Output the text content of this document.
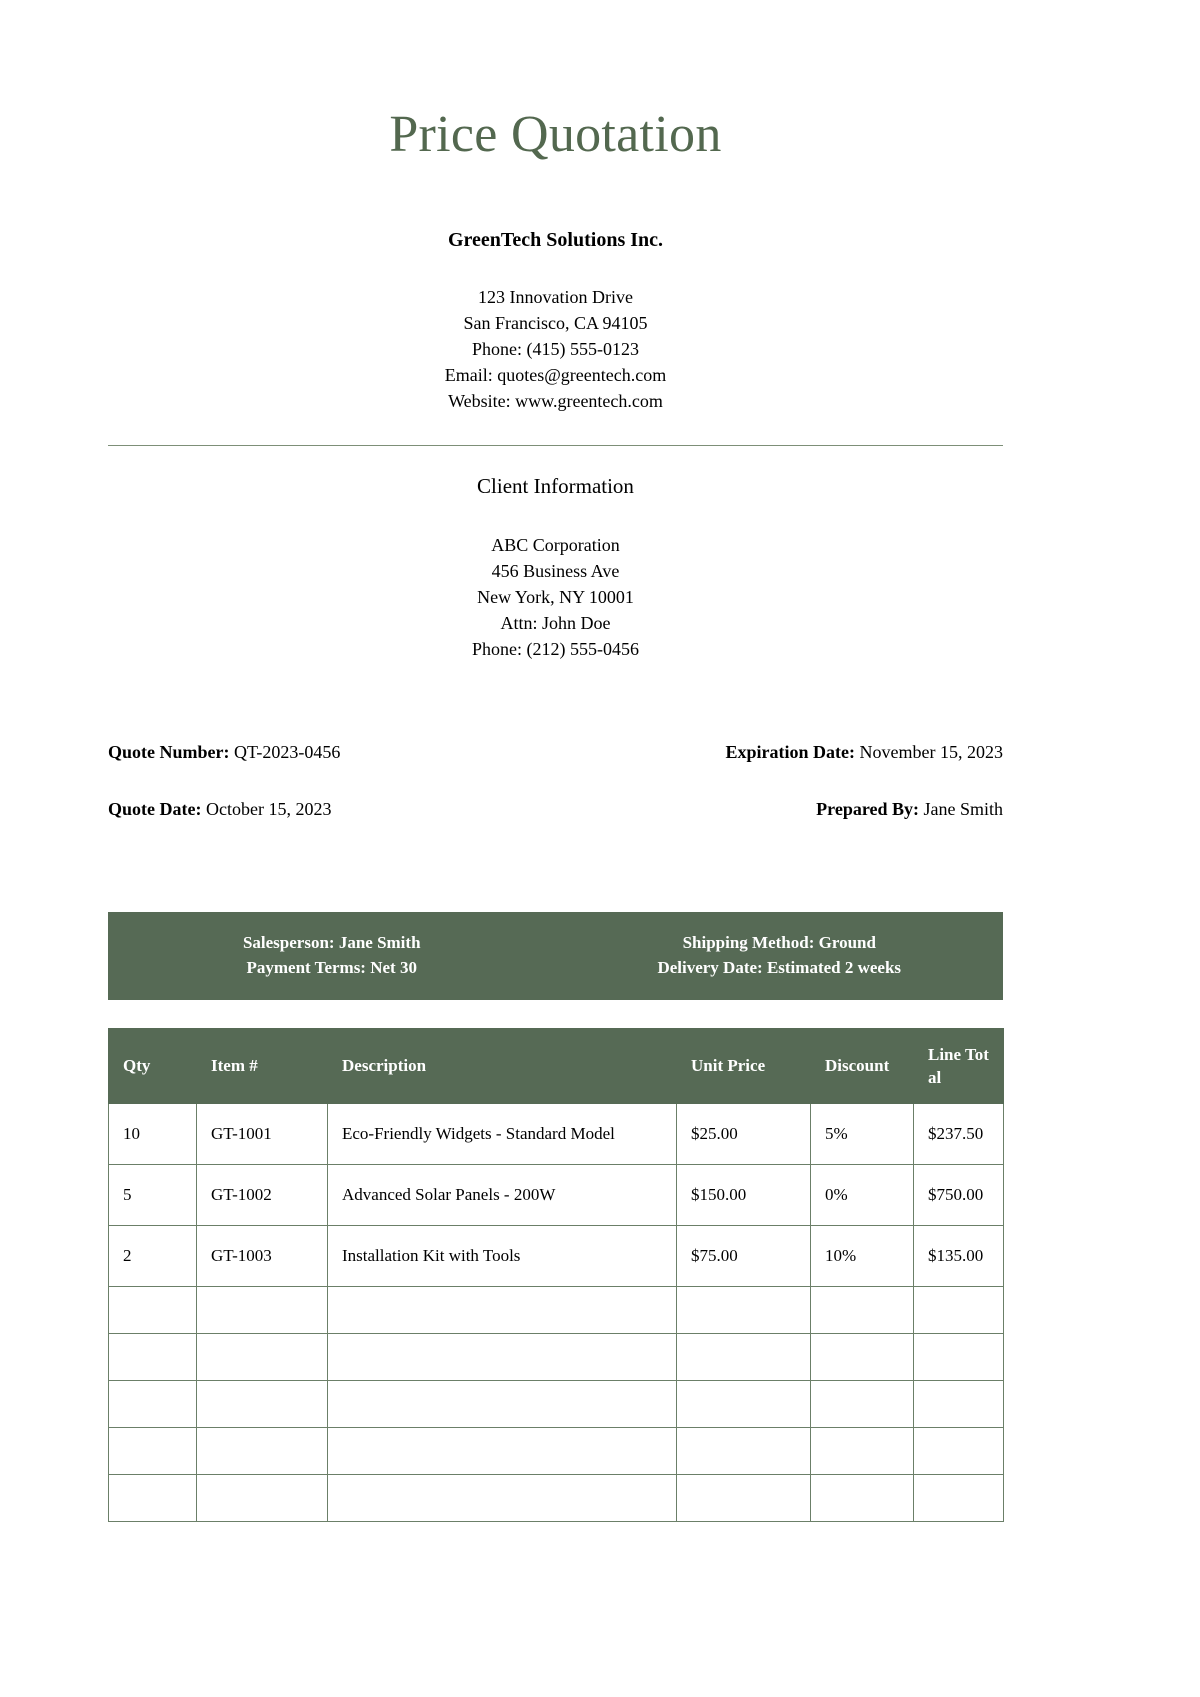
Price Quotation
GreenTech Solutions Inc.
123 Innovation Drive
San Francisco, CA 94105
Phone: (415) 555-0123
Email: quotes@greentech.com
Website: www.greentech.com
Client Information
ABC Corporation
456 Business Ave
New York, NY 10001
Attn: John Doe
Phone: (212) 555-0456
Quote Number: QT-2023-0456	Expiration Date: November 15, 2023
Quote Date: October 15, 2023	Prepared By: Jane Smith
Salesperson: Jane Smith
Payment Terms: Net 30
Shipping Method: Ground
Delivery Date: Estimated 2 weeks
Qty	Item #	Description	Unit Price	Discount	Line Total
10	GT-1001	Eco-Friendly Widgets - Standard Model	$25.00	5%	$237.50
5	GT-1002	Advanced Solar Panels - 200W	$150.00	0%	$750.00
2	GT-1003	Installation Kit with Tools	$75.00	10%	$135.00
